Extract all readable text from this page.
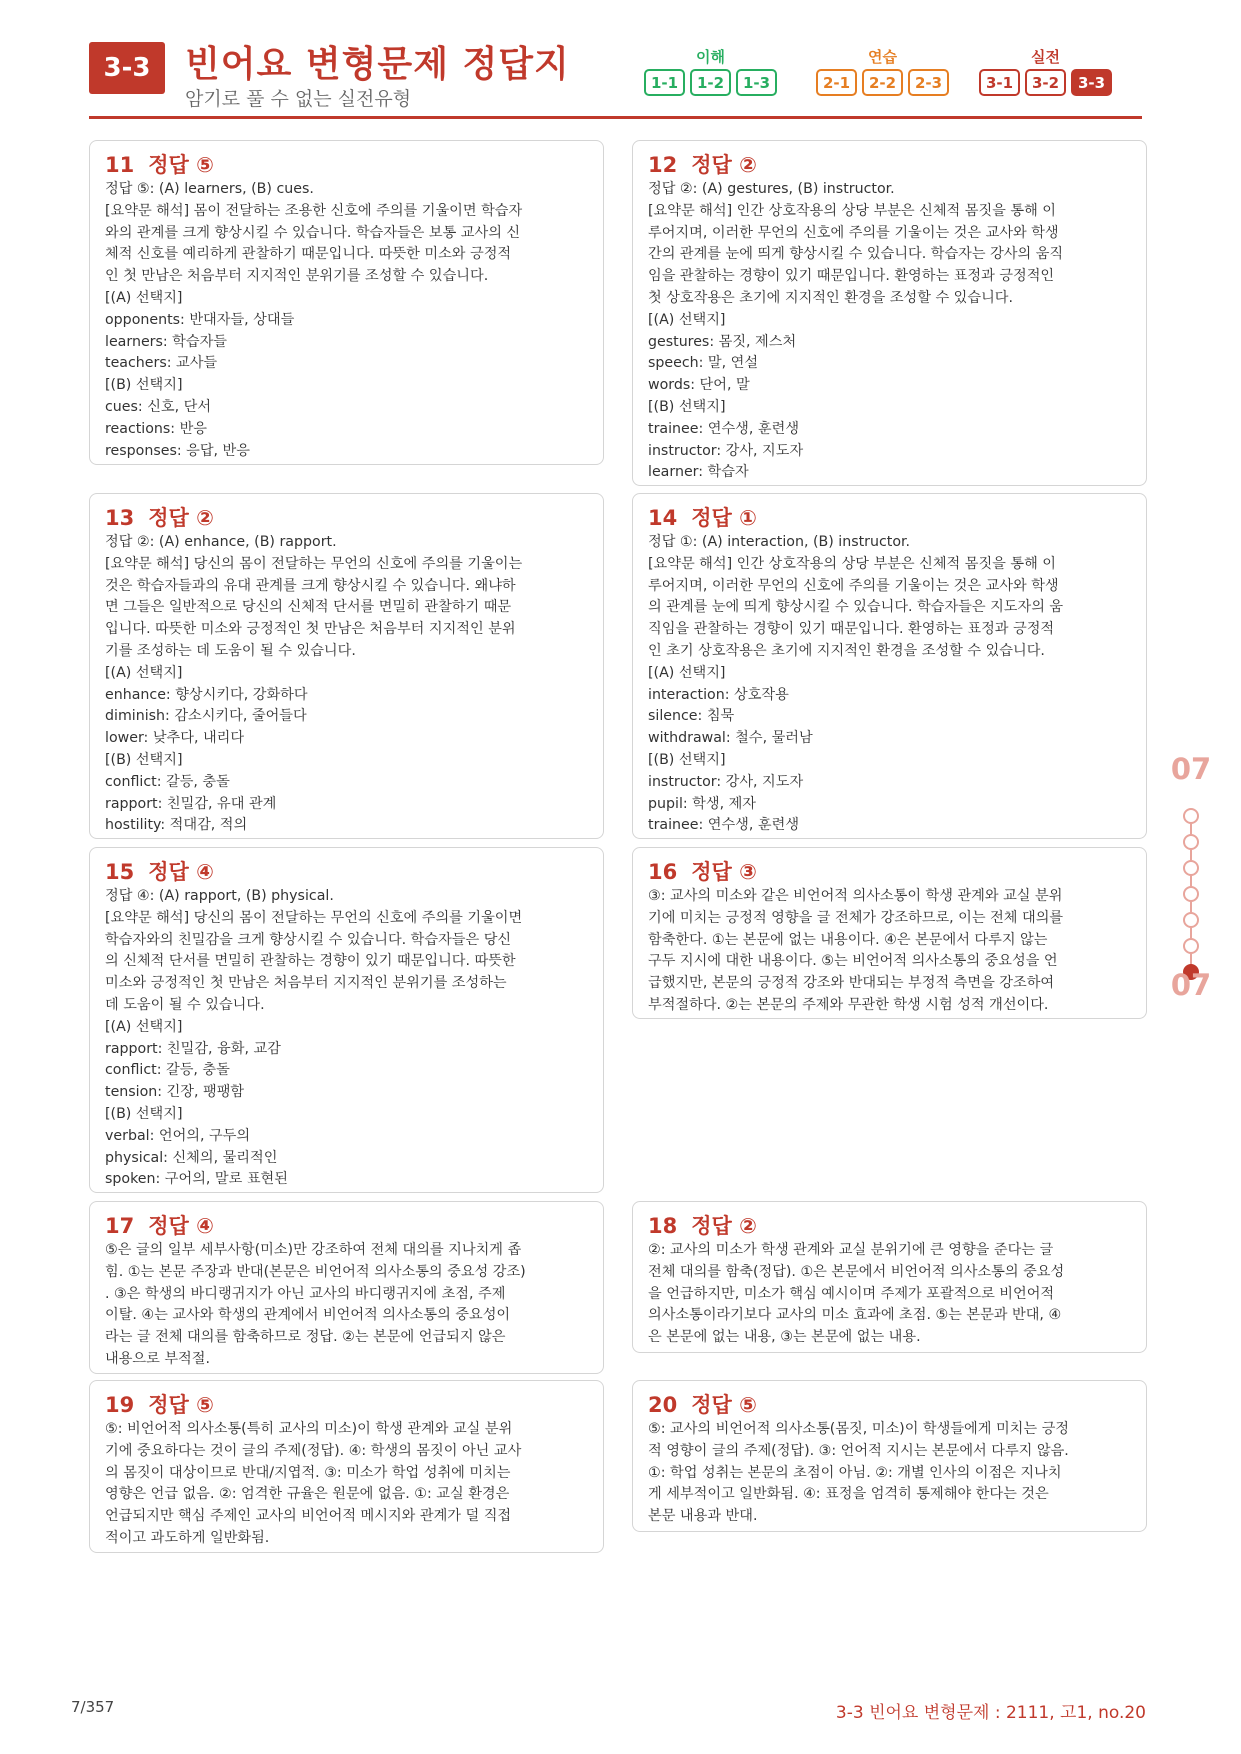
3-3 빈어요 변형문제 정답지
암기로 풀 수 없는 실전유형
이해
1-1	1-2	1-3
연습
2-1	2-2	2-3
실전
3-1	3-2	3-3
11 정답 ⑤
정답 ⑤: (A) learners, (B) cues.
[요약문 해석] 몸이 전달하는 조용한 신호에 주의를 기울이면 학습자
와의 관계를 크게 향상시킬 수 있습니다. 학습자들은 보통 교사의 신
체적 신호를 예리하게 관찰하기 때문입니다. 따뜻한 미소와 긍정적
인 첫 만남은 처음부터 지지적인 분위기를 조성할 수 있습니다.
[(A) 선택지]
opponents: 반대자들, 상대들
learners: 학습자들
teachers: 교사들
[(B) 선택지]
cues: 신호, 단서
reactions: 반응
responses: 응답, 반응
12 정답 ②
정답 ②: (A) gestures, (B) instructor.
[요약문 해석] 인간 상호작용의 상당 부분은 신체적 몸짓을 통해 이
루어지며, 이러한 무언의 신호에 주의를 기울이는 것은 교사와 학생
간의 관계를 눈에 띄게 향상시킬 수 있습니다. 학습자는 강사의 움직
임을 관찰하는 경향이 있기 때문입니다. 환영하는 표정과 긍정적인
첫 상호작용은 초기에 지지적인 환경을 조성할 수 있습니다.
[(A) 선택지]
gestures: 몸짓, 제스처
speech: 말, 연설
words: 단어, 말
[(B) 선택지]
trainee: 연수생, 훈련생
instructor: 강사, 지도자
learner: 학습자
13 정답 ②
정답 ②: (A) enhance, (B) rapport.
[요약문 해석] 당신의 몸이 전달하는 무언의 신호에 주의를 기울이는
것은 학습자들과의 유대 관계를 크게 향상시킬 수 있습니다. 왜냐하
면 그들은 일반적으로 당신의 신체적 단서를 면밀히 관찰하기 때문
입니다. 따뜻한 미소와 긍정적인 첫 만남은 처음부터 지지적인 분위
기를 조성하는 데 도움이 될 수 있습니다.
[(A) 선택지]
enhance: 향상시키다, 강화하다
diminish: 감소시키다, 줄어들다
lower: 낮추다, 내리다
[(B) 선택지]
conflict: 갈등, 충돌
rapport: 친밀감, 유대 관계
hostility: 적대감, 적의
14 정답 ①
정답 ①: (A) interaction, (B) instructor.
[요약문 해석] 인간 상호작용의 상당 부분은 신체적 몸짓을 통해 이
루어지며, 이러한 무언의 신호에 주의를 기울이는 것은 교사와 학생
의 관계를 눈에 띄게 향상시킬 수 있습니다. 학습자들은 지도자의 움
직임을 관찰하는 경향이 있기 때문입니다. 환영하는 표정과 긍정적
인 초기 상호작용은 초기에 지지적인 환경을 조성할 수 있습니다.
[(A) 선택지]
interaction: 상호작용
silence: 침묵
withdrawal: 철수, 물러남
[(B) 선택지]
instructor: 강사, 지도자
pupil: 학생, 제자
trainee: 연수생, 훈련생
15 정답 ④
정답 ④: (A) rapport, (B) physical.
[요약문 해석] 당신의 몸이 전달하는 무언의 신호에 주의를 기울이면
학습자와의 친밀감을 크게 향상시킬 수 있습니다. 학습자들은 당신
의 신체적 단서를 면밀히 관찰하는 경향이 있기 때문입니다. 따뜻한
미소와 긍정적인 첫 만남은 처음부터 지지적인 분위기를 조성하는
데 도움이 될 수 있습니다.
[(A) 선택지]
rapport: 친밀감, 융화, 교감
conflict: 갈등, 충돌
tension: 긴장, 팽팽함
[(B) 선택지]
verbal: 언어의, 구두의
physical: 신체의, 물리적인
spoken: 구어의, 말로 표현된
16 정답 ③
③: 교사의 미소와 같은 비언어적 의사소통이 학생 관계와 교실 분위
기에 미치는 긍정적 영향을 글 전체가 강조하므로, 이는 전체 대의를
함축한다. ①는 본문에 없는 내용이다. ④은 본문에서 다루지 않는
구두 지시에 대한 내용이다. ⑤는 비언어적 의사소통의 중요성을 언
급했지만, 본문의 긍정적 강조와 반대되는 부정적 측면을 강조하여
부적절하다. ②는 본문의 주제와 무관한 학생 시험 성적 개선이다.
17 정답 ④
⑤은 글의 일부 세부사항(미소)만 강조하여 전체 대의를 지나치게 좁
힘. ①는 본문 주장과 반대(본문은 비언어적 의사소통의 중요성 강조)
. ③은 학생의 바디랭귀지가 아닌 교사의 바디랭귀지에 초점, 주제
이탈. ④는 교사와 학생의 관계에서 비언어적 의사소통의 중요성이
라는 글 전체 대의를 함축하므로 정답. ②는 본문에 언급되지 않은
내용으로 부적절.
18 정답 ②
②: 교사의 미소가 학생 관계와 교실 분위기에 큰 영향을 준다는 글
전체 대의를 함축(정답). ①은 본문에서 비언어적 의사소통의 중요성
을 언급하지만, 미소가 핵심 예시이며 주제가 포괄적으로 비언어적
의사소통이라기보다 교사의 미소 효과에 초점. ⑤는 본문과 반대, ④
은 본문에 없는 내용, ③는 본문에 없는 내용.
19 정답 ⑤
⑤: 비언어적 의사소통(특히 교사의 미소)이 학생 관계와 교실 분위
기에 중요하다는 것이 글의 주제(정답). ④: 학생의 몸짓이 아닌 교사
의 몸짓이 대상이므로 반대/지엽적. ③: 미소가 학업 성취에 미치는
영향은 언급 없음. ②: 엄격한 규율은 원문에 없음. ①: 교실 환경은
언급되지만 핵심 주제인 교사의 비언어적 메시지와 관계가 덜 직접
적이고 과도하게 일반화됨.
20 정답 ⑤
⑤: 교사의 비언어적 의사소통(몸짓, 미소)이 학생들에게 미치는 긍정
적 영향이 글의 주제(정답). ③: 언어적 지시는 본문에서 다루지 않음.
①: 학업 성취는 본문의 초점이 아님. ②: 개별 인사의 이점은 지나치
게 세부적이고 일반화됨. ④: 표정을 엄격히 통제해야 한다는 것은
본문 내용과 반대.
07
07
7/357	3-3 빈어요 변형문제 : 2111, 고1, no.20
